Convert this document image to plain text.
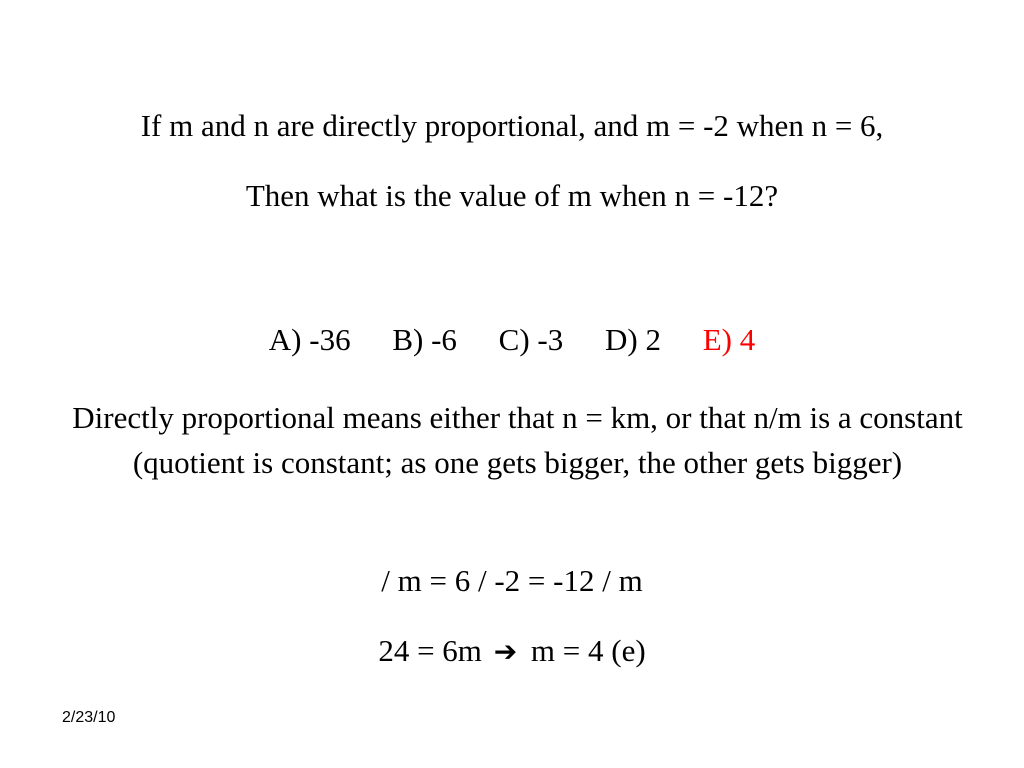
If m and n are directly proportional, and m = -2 when n = 6,
Then what is the value of m when n = -12?
A) -36 B) -6 C) -3 D) 2 E) 4
Directly proportional means either that n = km, or that n/m is a constant (quotient is constant; as one gets bigger, the other gets bigger)
/ m = 6 / -2 = -12 / m
24 = 6m ➔ m = 4 (e)
2/23/10
